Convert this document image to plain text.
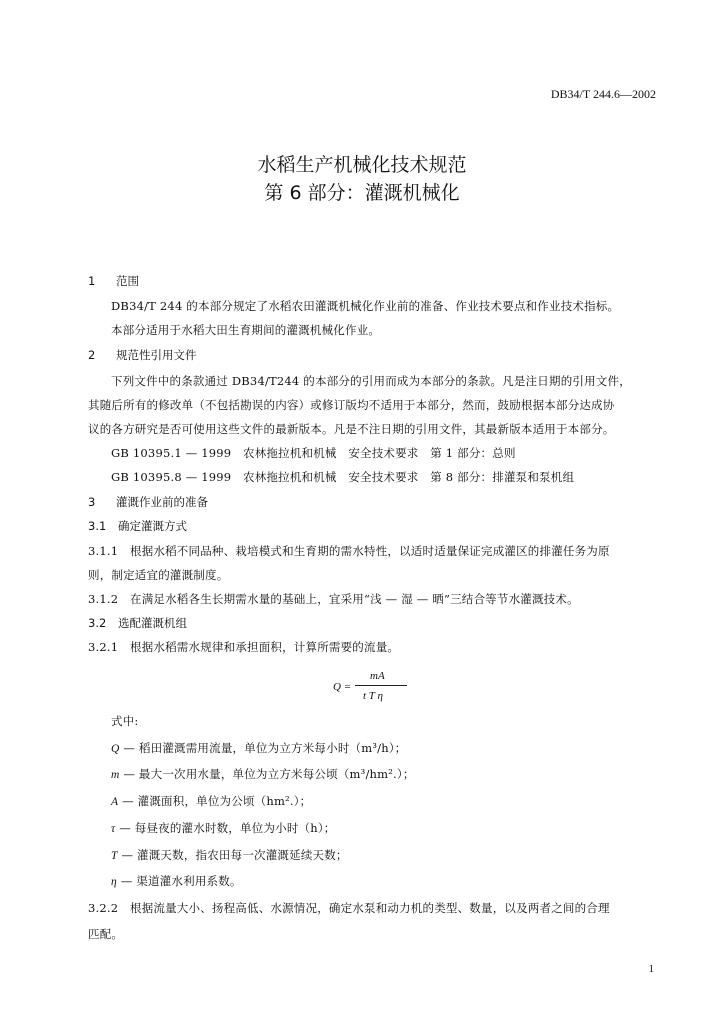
DB34/T 244.6—2002
水稻生产机械化技术规范
第 6 部分：灌溉机械化
1 范围
DB34/T 244 的本部分规定了水稻农田灌溉机械化作业前的准备、作业技术要点和作业技术指标。
本部分适用于水稻大田生育期间的灌溉机械化作业。
2 规范性引用文件
下列文件中的条款通过 DB34/T244 的本部分的引用而成为本部分的条款。凡是注日期的引用文件，
其随后所有的修改单（不包括勘误的内容）或修订版均不适用于本部分，然而，鼓励根据本部分达成协
议的各方研究是否可使用这些文件的最新版本。凡是不注日期的引用文件，其最新版本适用于本部分。
GB 10395.1 — 1999　农林拖拉机和机械　安全技术要求　第 1 部分：总则
GB 10395.8 — 1999　农林拖拉机和机械　安全技术要求　第 8 部分：排灌泵和泵机组
3 灌溉作业前的准备
3.1 确定灌溉方式
3.1.1 根据水稻不同品种、栽培模式和生育期的需水特性，以适时适量保证完成灌区的排灌任务为原
则，制定适宜的灌溉制度。
3.1.2 在满足水稻各生长期需水量的基础上，宜采用“浅 — 湿 — 晒”三结合等节水灌溉技术。
3.2 选配灌溉机组
3.2.1 根据水稻需水规律和承担面积，计算所需要的流量。
Q =
mA
t T η
式中:
Q — 稻田灌溉需用流量，单位为立方米每小时（m³/h）；
m — 最大一次用水量，单位为立方米每公顷（m³/hm².）；
A — 灌溉面积，单位为公顷（hm².）；
τ — 每昼夜的灌水时数，单位为小时（h）；
T — 灌溉天数，指农田每一次灌溉延续天数；
η — 渠道灌水利用系数。
3.2.2 根据流量大小、扬程高低、水源情况，确定水泵和动力机的类型、数量，以及两者之间的合理
匹配。
1
